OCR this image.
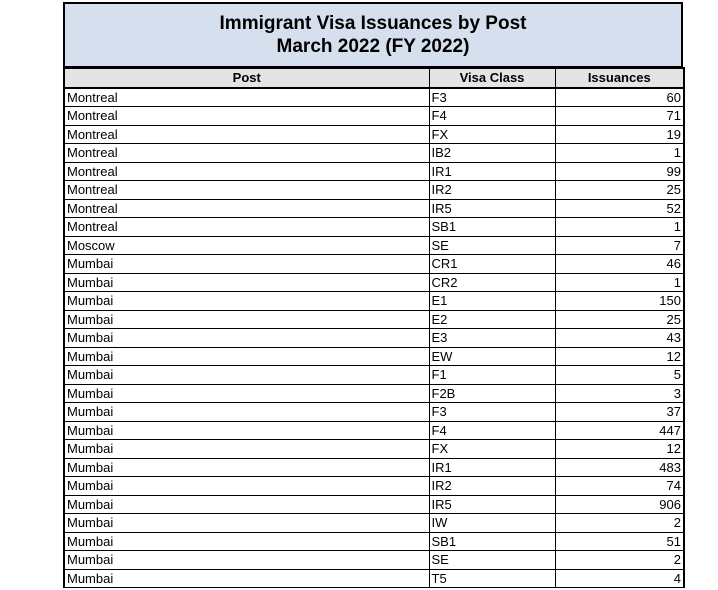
Immigrant Visa Issuances by Post
March 2022 (FY 2022)
Post	Visa Class	Issuances
Montreal	F3	60
Montreal	F4	71
Montreal	FX	19
Montreal	IB2	1
Montreal	IR1	99
Montreal	IR2	25
Montreal	IR5	52
Montreal	SB1	1
Moscow	SE	7
Mumbai	CR1	46
Mumbai	CR2	1
Mumbai	E1	150
Mumbai	E2	25
Mumbai	E3	43
Mumbai	EW	12
Mumbai	F1	5
Mumbai	F2B	3
Mumbai	F3	37
Mumbai	F4	447
Mumbai	FX	12
Mumbai	IR1	483
Mumbai	IR2	74
Mumbai	IR5	906
Mumbai	IW	2
Mumbai	SB1	51
Mumbai	SE	2
Mumbai	T5	4
